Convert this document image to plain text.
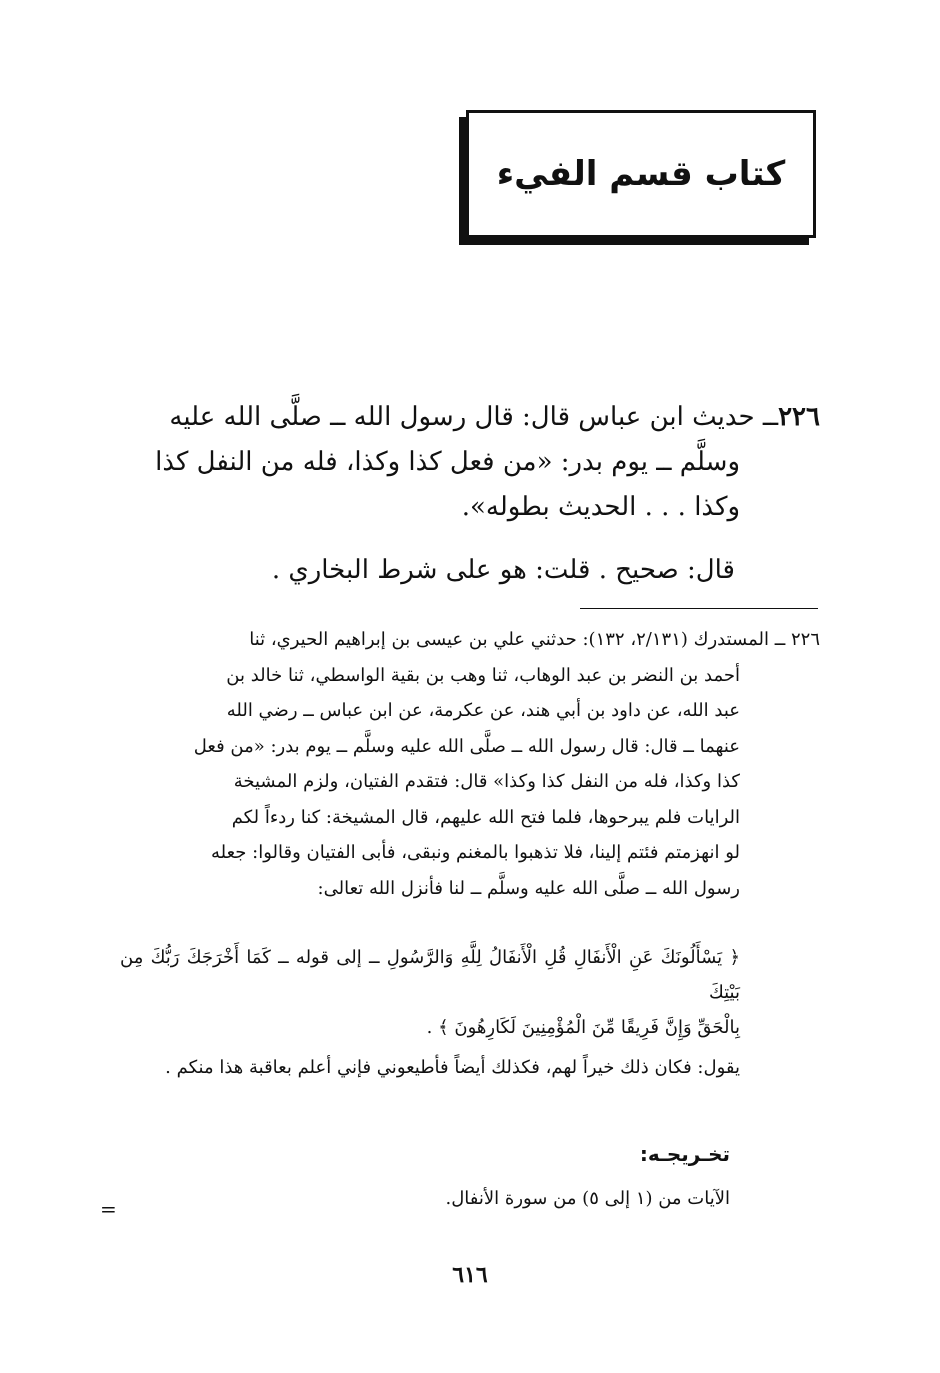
كتاب قسم الفيء
٢٢٦ــ حديث ابن عباس قال: قال رسول الله ــ صلَّى الله عليه
وسلَّم ــ يوم بدر: «من فعل كذا وكذا، فله من النفل كذا
وكذا . . . الحديث بطوله».
قال: صحيح . قلت: هو على شرط البخاري .
٢٢٦ ــ المستدرك (٢/١٣١، ١٣٢): حدثني علي بن عيسى بن إبراهيم الحيري، ثنا
أحمد بن النضر بن عبد الوهاب، ثنا وهب بن بقية الواسطي، ثنا خالد بن
عبد الله، عن داود بن أبي هند، عن عكرمة، عن ابن عباس ــ رضي الله
عنهما ــ قال: قال رسول الله ــ صلَّى الله عليه وسلَّم ــ يوم بدر: «من فعل
كذا وكذا، فله من النفل كذا وكذا» قال: فتقدم الفتيان، ولزم المشيخة
الرايات فلم يبرحوها، فلما فتح الله عليهم، قال المشيخة: كنا ردءاً لكم
لو انهزمتم فئتم إلينا، فلا تذهبوا بالمغنم ونبقى، فأبى الفتيان وقالوا: جعله
رسول الله ــ صلَّى الله عليه وسلَّم ــ لنا فأنزل الله تعالى:
﴿ يَسْأَلُونَكَ عَنِ الْأَنفَالِ قُلِ الْأَنفَالُ لِلَّهِ وَالرَّسُولِ ــ إلى قوله ــ كَمَا أَخْرَجَكَ رَبُّكَ مِن بَيْتِكَ
بِالْحَقِّ وَإِنَّ فَرِيقًا مِّنَ الْمُؤْمِنِينَ لَكَارِهُونَ ﴾ .
يقول: فكان ذلك خيراً لهم، فكذلك أيضاً فأطيعوني فإني أعلم بعاقبة هذا منكم .
تخـريجـه:
الآيات من (١ إلى ٥) من سورة الأنفال.
=
٦١٦
